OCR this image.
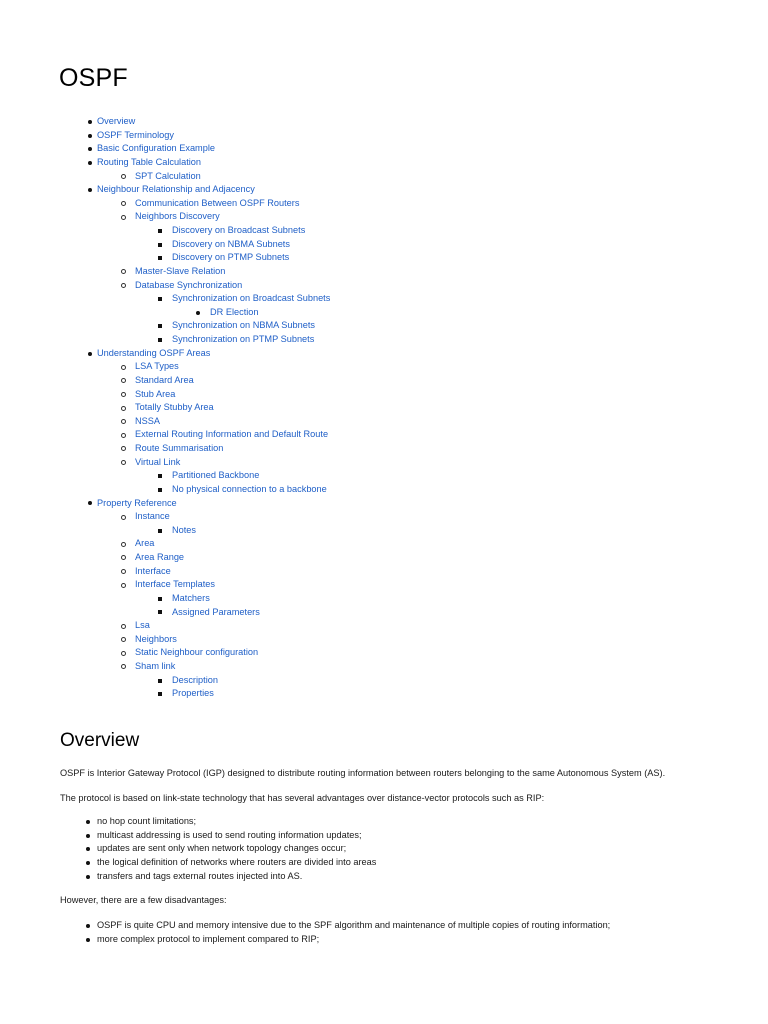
OSPF
Overview
OSPF Terminology
Basic Configuration Example
Routing Table Calculation
SPT Calculation
Neighbour Relationship and Adjacency
Communication Between OSPF Routers
Neighbors Discovery
Discovery on Broadcast Subnets
Discovery on NBMA Subnets
Discovery on PTMP Subnets
Master-Slave Relation
Database Synchronization
Synchronization on Broadcast Subnets
DR Election
Synchronization on NBMA Subnets
Synchronization on PTMP Subnets
Understanding OSPF Areas
LSA Types
Standard Area
Stub Area
Totally Stubby Area
NSSA
External Routing Information and Default Route
Route Summarisation
Virtual Link
Partitioned Backbone
No physical connection to a backbone
Property Reference
Instance
Notes
Area
Area Range
Interface
Interface Templates
Matchers
Assigned Parameters
Lsa
Neighbors
Static Neighbour configuration
Sham link
Description
Properties
Overview

OSPF is Interior Gateway Protocol (IGP) designed to distribute routing information between routers belonging to the same Autonomous System (AS).

The protocol is based on link-state technology that has several advantages over distance-vector protocols such as RIP:

no hop count limitations;
multicast addressing is used to send routing information updates;
updates are sent only when network topology changes occur;
the logical definition of networks where routers are divided into areas
transfers and tags external routes injected into AS.

However, there are a few disadvantages:

OSPF is quite CPU and memory intensive due to the SPF algorithm and maintenance of multiple copies of routing information;
more complex protocol to implement compared to RIP;
